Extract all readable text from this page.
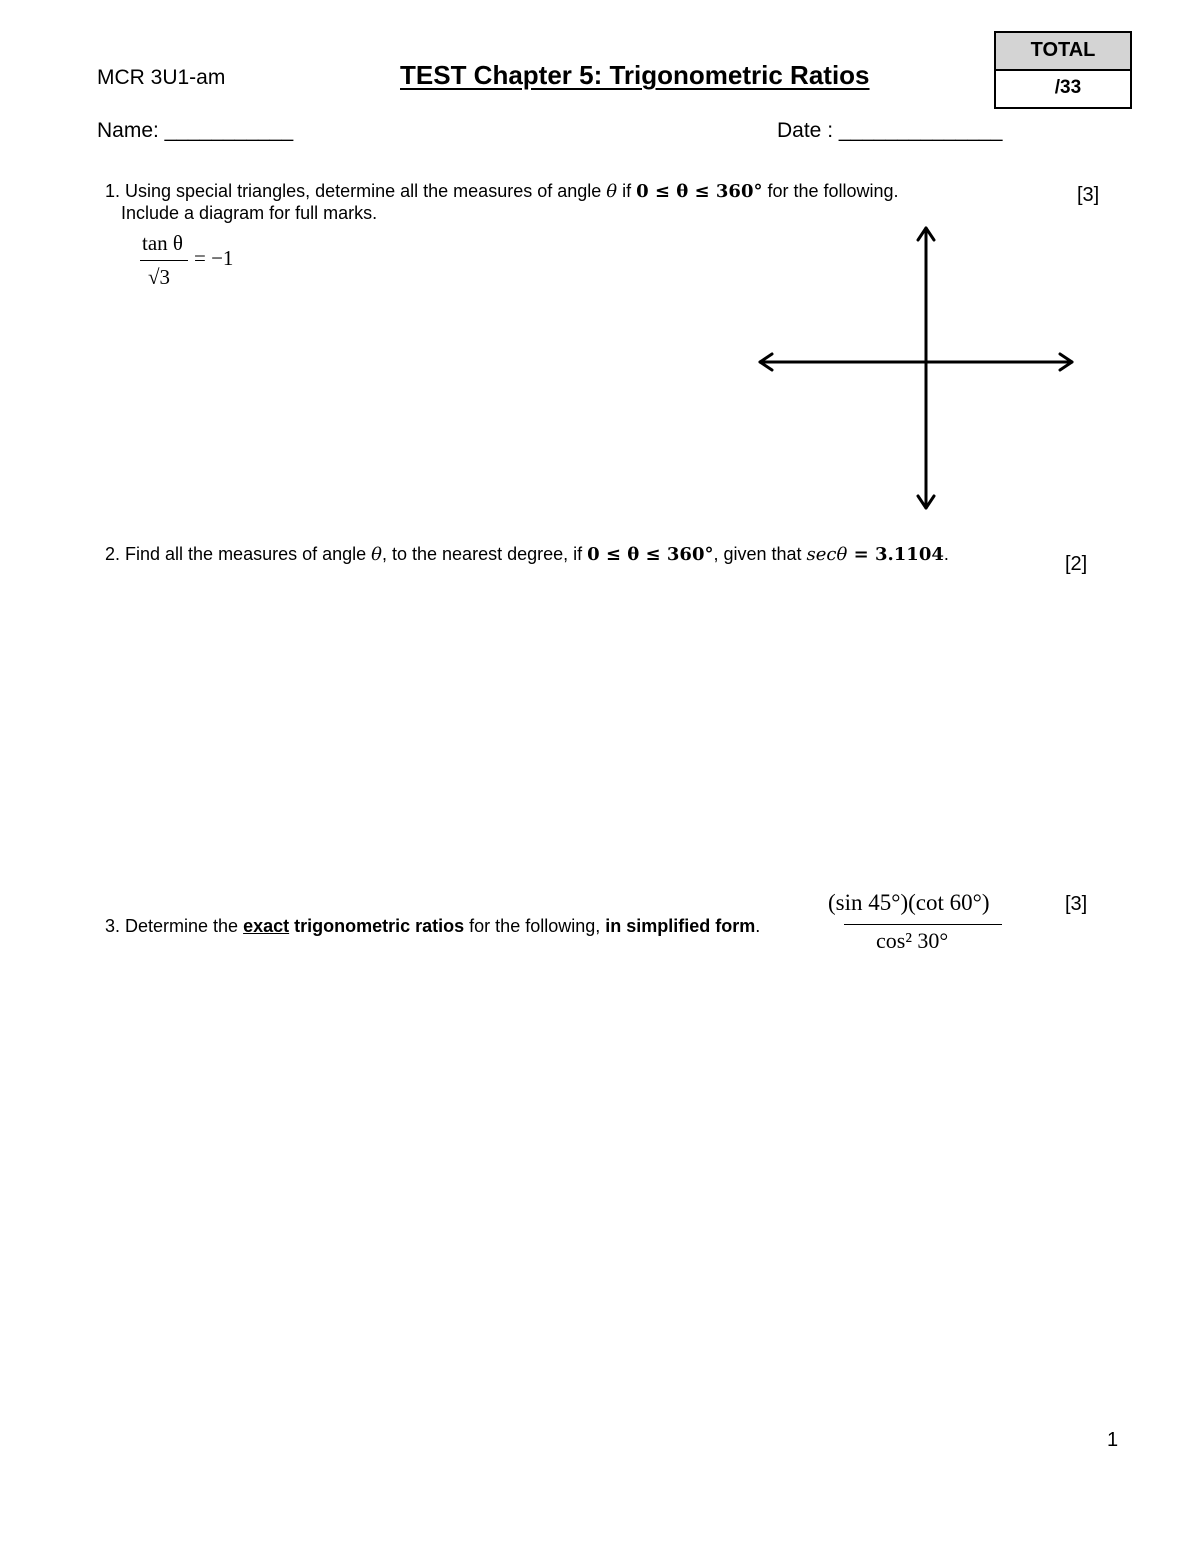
MCR 3U1-am	TEST Chapter 5: Trigonometric Ratios
TOTAL
/33
Name: ___________	Date : ______________
1. Using special triangles, determine all the measures of angle θ if 0 ≤ θ ≤ 360° for the following.
Include a diagram for full marks.
[3]
tan θ
√3
= −1
2. Find all the measures of angle θ, to the nearest degree, if 0 ≤ θ ≤ 360°, given that secθ = 3.1104.	[2]
3. Determine the exact trigonometric ratios for the following, in simplified form.
[3]
(sin 45°)(cot 60°)
cos² 30°
1
